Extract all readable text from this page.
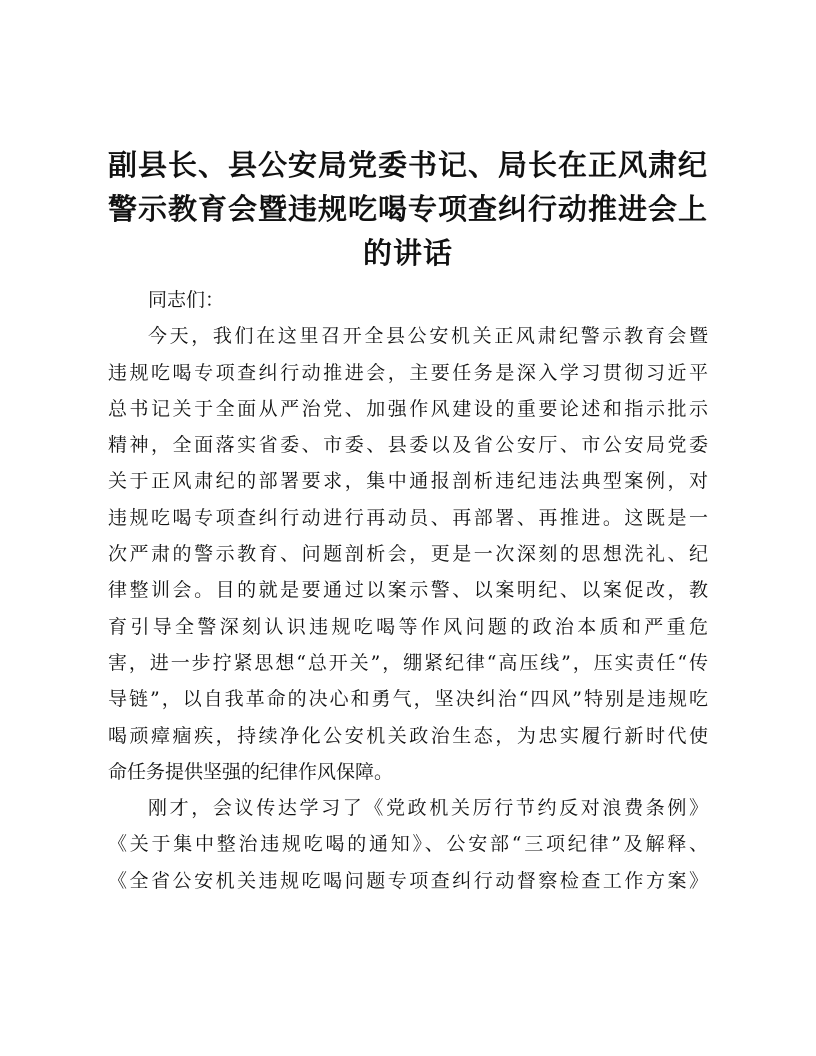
副县长、县公安局党委书记、局长在正风肃纪
警示教育会暨违规吃喝专项查纠行动推进会上
的讲话
同志们：
今天，我们在这里召开全县公安机关正风肃纪警示教育会暨
违规吃喝专项查纠行动推进会，主要任务是深入学习贯彻习近平
总书记关于全面从严治党、加强作风建设的重要论述和指示批示
精神，全面落实省委、市委、县委以及省公安厅、市公安局党委
关于正风肃纪的部署要求，集中通报剖析违纪违法典型案例，对
违规吃喝专项查纠行动进行再动员、再部署、再推进。这既是一
次严肃的警示教育、问题剖析会，更是一次深刻的思想洗礼、纪
律整训会。目的就是要通过以案示警、以案明纪、以案促改，教
育引导全警深刻认识违规吃喝等作风问题的政治本质和严重危
害，进一步拧紧思想“总开关”，绷紧纪律“高压线”，压实责任“传
导链”，以自我革命的决心和勇气，坚决纠治“四风”特别是违规吃
喝顽瘴痼疾，持续净化公安机关政治生态，为忠实履行新时代使
命任务提供坚强的纪律作风保障。
刚才，会议传达学习了《党政机关厉行节约反对浪费条例》
《关于集中整治违规吃喝的通知》、公安部“三项纪律”及解释、
《全省公安机关违规吃喝问题专项查纠行动督察检查工作方案》
